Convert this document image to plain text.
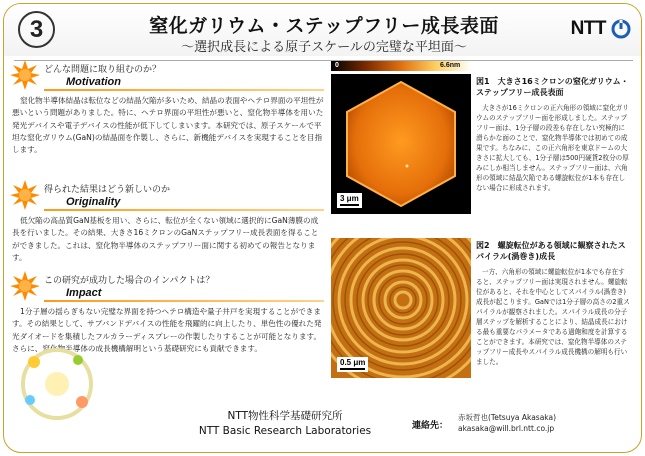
3	窒化ガリウム・ステップフリー成長表面
～選択成長による原子スケールの完璧な平坦面～
NTT
どんな問題に取り組むのか？
Motivation
窒化物半導体結晶は転位などの結晶欠陥が多いため、結晶の表面やヘテロ界面の平坦性が悪いという問題がありました。特に、ヘテロ界面の平坦性が悪いと、窒化物半導体を用いた発光デバイスや電子デバイスの性能が低下してしまいます。本研究では、原子スケールで平坦な窒化ガリウム(GaN)の結晶面を作製し、さらに、新機能デバイスを実現することを目指します。
得られた結果はどう新しいのか
Originality
低欠陥の高品質GaN基板を用い、さらに、転位が全くない領域に選択的にGaN薄膜の成長を行いました。その結果、大きさ16ミクロンのGaNステップフリー成長表面を得ることができました。これは、窒化物半導体のステップフリー面に関する初めての報告となります。
この研究が成功した場合のインパクトは？
Impact
1分子層の揺らぎもない完璧な界面を持つヘテロ構造や量子井戸を実現することができます。その結果として、サブバンドデバイスの性能を飛躍的に向上したり、単色性の優れた発光ダイオードを集積したフルカラーディスプレーの作製したりすることが可能となります。さらに、窒化物半導体の成長機構解明という基礎研究にも貢献できます。
0	6.6nm
3 μm
0.5 μm
図1　大きさ16ミクロンの窒化ガリウム・ステップフリー成長表面
大きさが16ミクロンの正六角形の領域に窒化ガリウムのステップフリー面を形成しました。ステップフリー面は、1分子層の段差も存在しない究極的に滑らかな面のことで、窒化物半導体では初めての成果です。ちなみに、この正六角形を東京ドームの大きさに拡大しても、1分子層は500円硬貨2枚分の厚みにしか相当しません。ステップフリー面は、六角形の領域に結晶欠陥である螺旋転位が1本も存在しない場合に形成されます。
図2　螺旋転位がある領域に観察されたスパイラル(渦巻き)成長
一方、六角形の領域に螺旋転位が1本でも存在すると、ステップフリー面は実現されません。螺旋転位があると、それを中心としてスパイラル(渦巻き)成長が起こります。GaNでは1分子層の高さの2重スパイラルが観察されました。スパイラル成長の分子層ステップを解析することにより、結晶成長における最も重要なパラメータである過飽和度を計算することができます。本研究では、窒化物半導体のステップフリー成長やスパイラル成長機構の解明も行いました。
NTT物性科学基礎研究所
NTT Basic Research Laboratories	連絡先：
赤坂哲也(Tetsuya Akasaka)
akasaka@will.brl.ntt.co.jp
